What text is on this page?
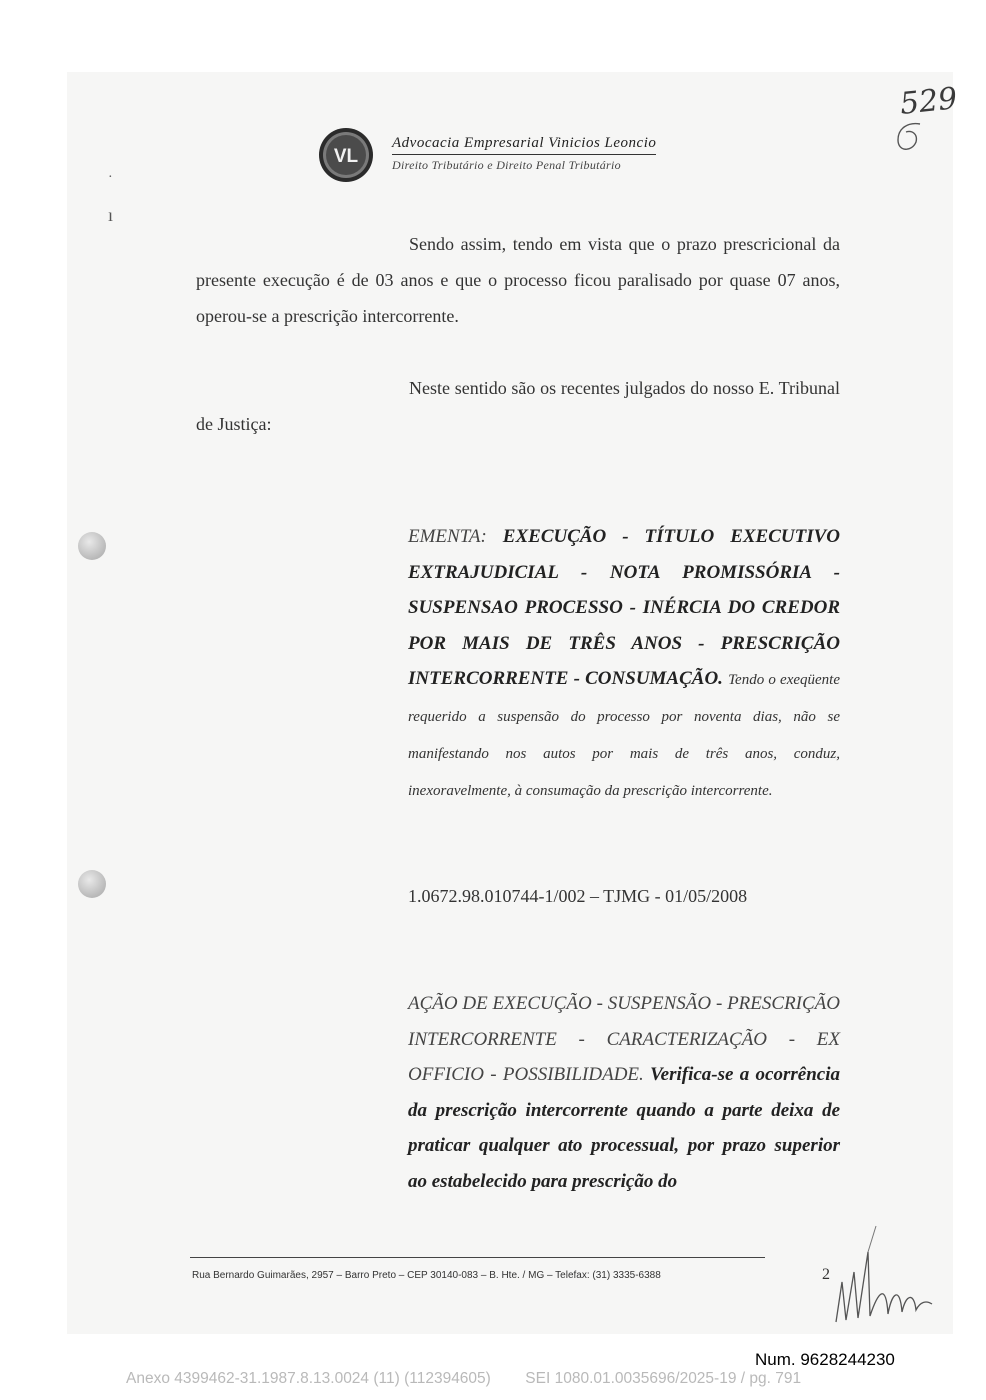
·
ı
VL
Advocacia Empresarial Vinicios Leoncio
Direito Tributário e Direito Penal Tributário
529
Sendo assim, tendo em vista que o prazo prescricional da presente execução é de 03 anos e que o processo ficou paralisado por quase 07 anos, operou-se a prescrição intercorrente.
Neste sentido são os recentes julgados do nosso E. Tribunal de Justiça:
EMENTA: EXECUÇÃO - TÍTULO EXECUTIVO EXTRAJUDICIAL - NOTA PROMISSÓRIA - SUSPENSAO PROCESSO - INÉRCIA DO CREDOR POR MAIS DE TRÊS ANOS - PRESCRIÇÃO INTERCORRENTE - CONSUMAÇÃO. Tendo o exeqüente requerido a suspensão do processo por noventa dias, não se manifestando nos autos por mais de três anos, conduz, inexoravelmente, à consumação da prescrição intercorrente.
1.0672.98.010744-1/002 – TJMG - 01/05/2008
AÇÃO DE EXECUÇÃO - SUSPENSÃO - PRESCRIÇÃO INTERCORRENTE - CARACTERIZAÇÃO - EX OFFICIO - POSSIBILIDADE. Verifica-se a ocorrência da prescrição intercorrente quando a parte deixa de praticar qualquer ato processual, por prazo superior ao estabelecido para prescrição do
Rua Bernardo Guimarães, 2957 – Barro Preto – CEP 30140-083 – B. Hte. / MG – Telefax: (31) 3335-6388	2
Num. 9628244230
Anexo 4399462-31.1987.8.13.0024 (11) (112394605) SEI 1080.01.0035696/2025-19 / pg. 791
